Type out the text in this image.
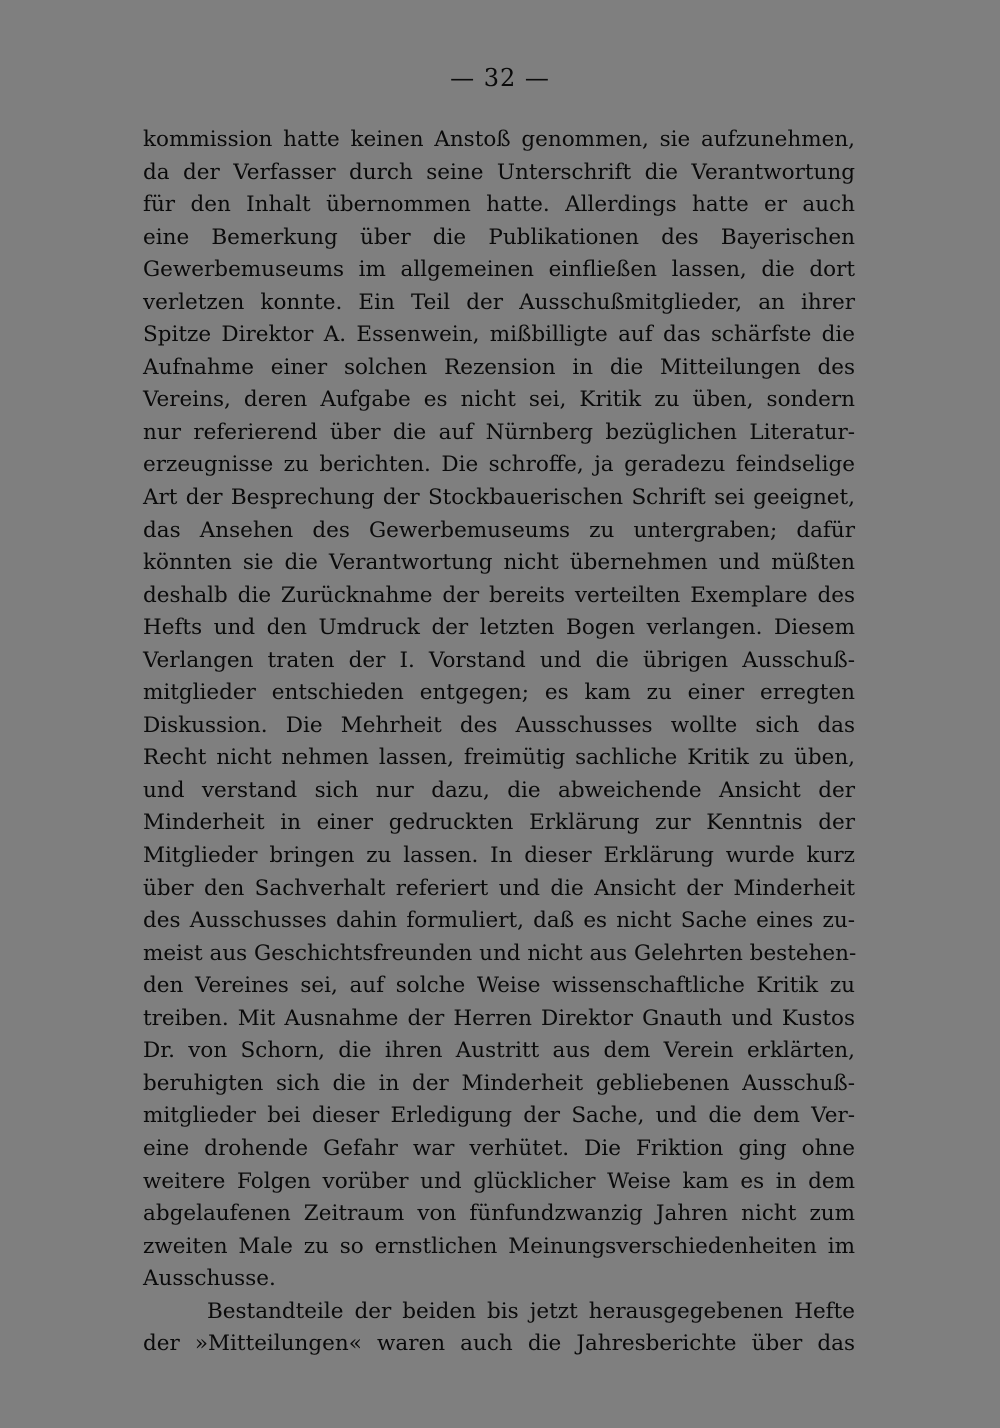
— 32 —
kommission hatte keinen Anstoß genommen, sie aufzunehmen,
da der Verfasser durch seine Unterschrift die Verantwortung
für den Inhalt übernommen hatte. Allerdings hatte er auch
eine Bemerkung über die Publikationen des Bayerischen
Gewerbemuseums im allgemeinen einfließen lassen, die dort
verletzen konnte. Ein Teil der Ausschußmitglieder, an ihrer
Spitze Direktor A. Essenwein, mißbilligte auf das schärfste die
Aufnahme einer solchen Rezension in die Mitteilungen des
Vereins, deren Aufgabe es nicht sei, Kritik zu üben, sondern
nur referierend über die auf Nürnberg bezüglichen Literatur-
erzeugnisse zu berichten. Die schroffe, ja geradezu feindselige
Art der Besprechung der Stockbauerischen Schrift sei geeignet,
das Ansehen des Gewerbemuseums zu untergraben; dafür
könnten sie die Verantwortung nicht übernehmen und müßten
deshalb die Zurücknahme der bereits verteilten Exemplare des
Hefts und den Umdruck der letzten Bogen verlangen. Diesem
Verlangen traten der I. Vorstand und die übrigen Ausschuß-
mitglieder entschieden entgegen; es kam zu einer erregten
Diskussion. Die Mehrheit des Ausschusses wollte sich das
Recht nicht nehmen lassen, freimütig sachliche Kritik zu üben,
und verstand sich nur dazu, die abweichende Ansicht der
Minderheit in einer gedruckten Erklärung zur Kenntnis der
Mitglieder bringen zu lassen. In dieser Erklärung wurde kurz
über den Sachverhalt referiert und die Ansicht der Minderheit
des Ausschusses dahin formuliert, daß es nicht Sache eines zu-
meist aus Geschichtsfreunden und nicht aus Gelehrten bestehen-
den Vereines sei, auf solche Weise wissenschaftliche Kritik zu
treiben. Mit Ausnahme der Herren Direktor Gnauth und Kustos
Dr. von Schorn, die ihren Austritt aus dem Verein erklärten,
beruhigten sich die in der Minderheit gebliebenen Ausschuß-
mitglieder bei dieser Erledigung der Sache, und die dem Ver-
eine drohende Gefahr war verhütet. Die Friktion ging ohne
weitere Folgen vorüber und glücklicher Weise kam es in dem
abgelaufenen Zeitraum von fünfundzwanzig Jahren nicht zum
zweiten Male zu so ernstlichen Meinungsverschiedenheiten im
Ausschusse.
Bestandteile der beiden bis jetzt herausgegebenen Hefte
der »Mitteilungen« waren auch die Jahresberichte über das
